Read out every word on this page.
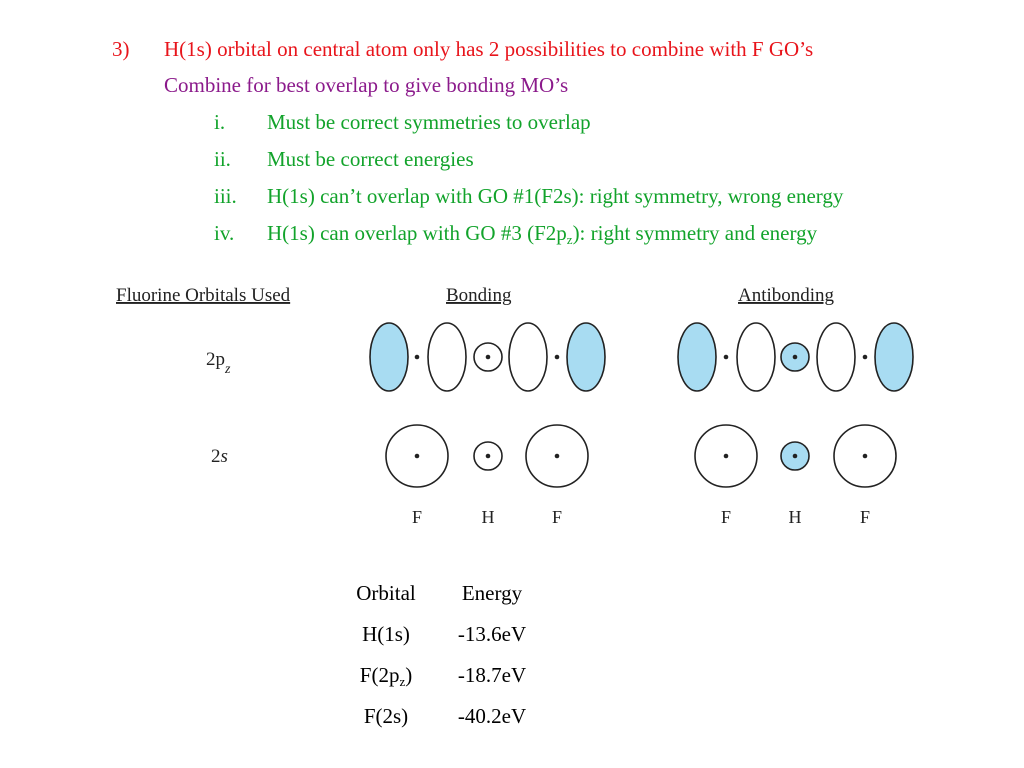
3) H(1s) orbital on central atom only has 2 possibilities to combine with F GO’s
Combine for best overlap to give bonding MO’s
i. Must be correct symmetries to overlap
ii. Must be correct energies
iii. H(1s) can’t overlap with GO #1(F2s): right symmetry, wrong energy
iv. H(1s) can overlap with GO #3 $(F2p_z)$: right symmetry and energy
Fluorine Orbitals Used	Bonding	Antibonding
$2p_z$
2s
F	H	F	F	H	F
Orbital	Energy
H(1s)	-13.6eV
$F(2p_z)$	-18.7eV
F(2s)	-40.2eV
